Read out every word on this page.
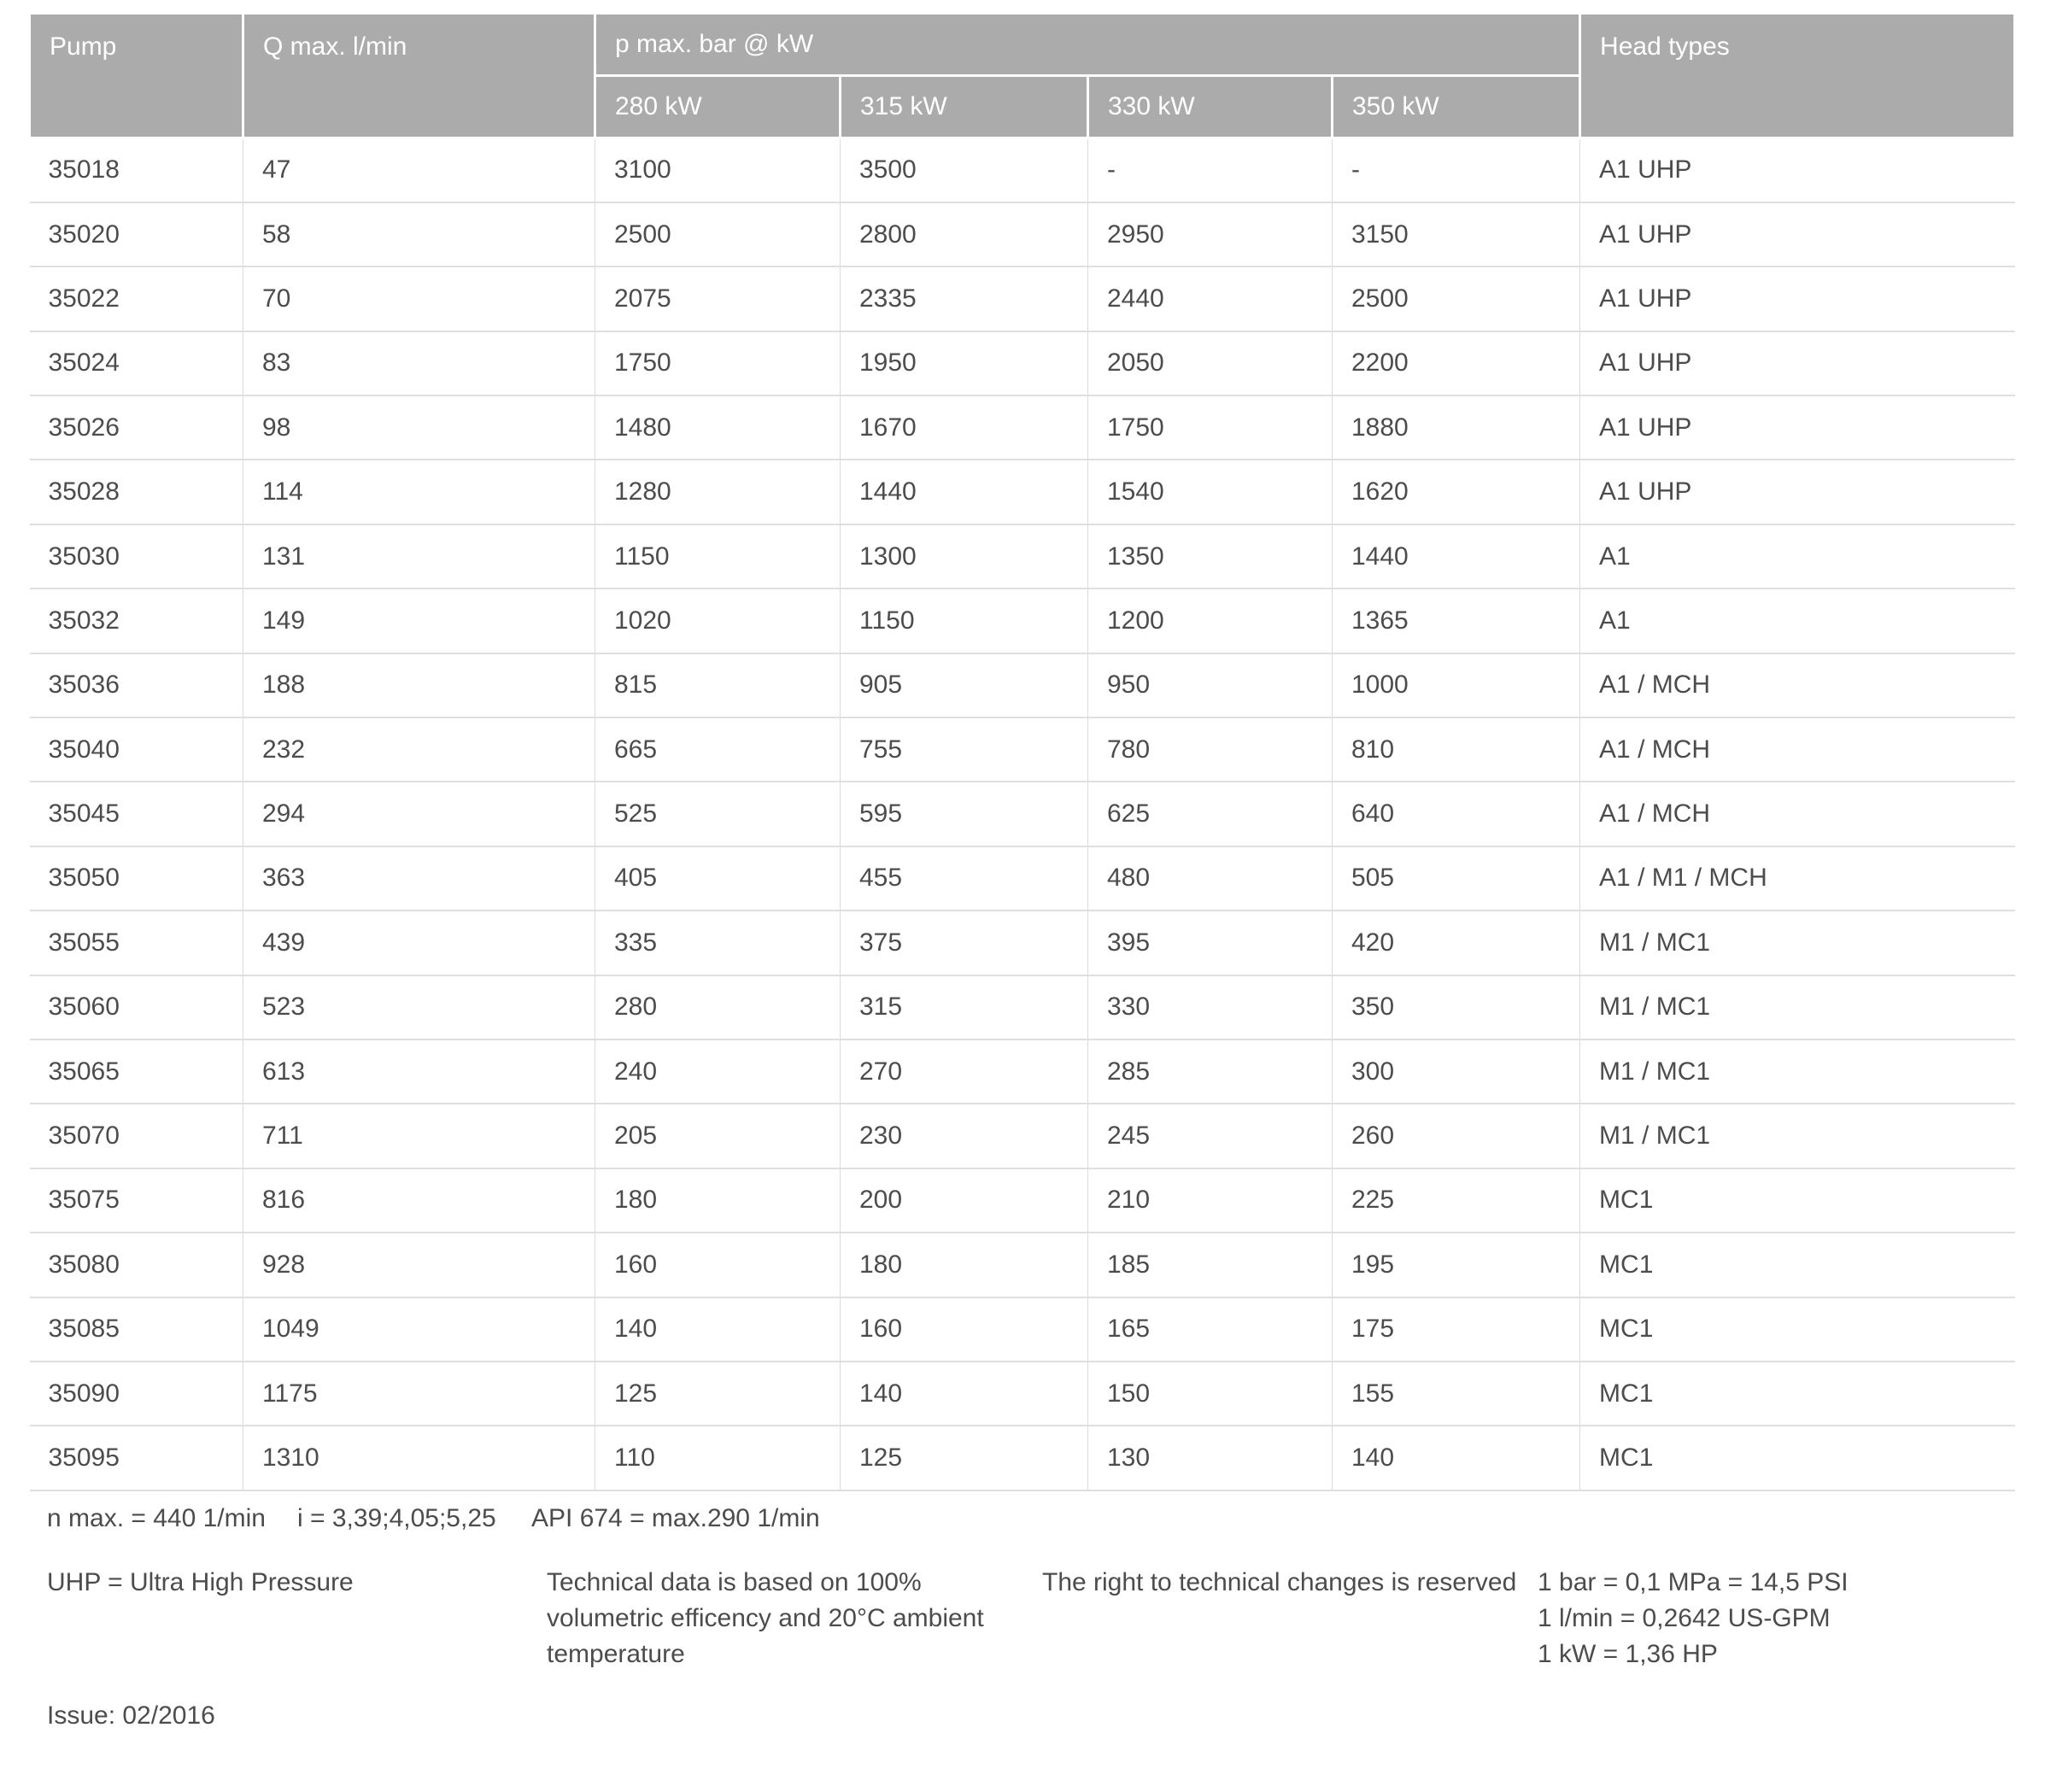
Pump	Q max. l/min	p max. bar @ kW				Head types
		280 kW	315 kW	330 kW	350 kW	
35018	47	3100	3500	-	-	A1 UHP
35020	58	2500	2800	2950	3150	A1 UHP
35022	70	2075	2335	2440	2500	A1 UHP
35024	83	1750	1950	2050	2200	A1 UHP
35026	98	1480	1670	1750	1880	A1 UHP
35028	114	1280	1440	1540	1620	A1 UHP
35030	131	1150	1300	1350	1440	A1
35032	149	1020	1150	1200	1365	A1
35036	188	815	905	950	1000	A1 / MCH
35040	232	665	755	780	810	A1 / MCH
35045	294	525	595	625	640	A1 / MCH
35050	363	405	455	480	505	A1 / M1 / MCH
35055	439	335	375	395	420	M1 / MC1
35060	523	280	315	330	350	M1 / MC1
35065	613	240	270	285	300	M1 / MC1
35070	711	205	230	245	260	M1 / MC1
35075	816	180	200	210	225	MC1
35080	928	160	180	185	195	MC1
35085	1049	140	160	165	175	MC1
35090	1175	125	140	150	155	MC1
35095	1310	110	125	130	140	MC1
n max. = 440 1/min i = 3,39;4,05;5,25 API 674 = max.290 1/min
UHP = Ultra High Pressure	Technical data is based on 100%
volumetric efficency and 20°C ambient
temperature
The right to technical changes is reserved 1 bar = 0,1 MPa = 14,5 PSI
1 l/min = 0,2642 US-GPM
1 kW = 1,36 HP
Issue: 02/2016
